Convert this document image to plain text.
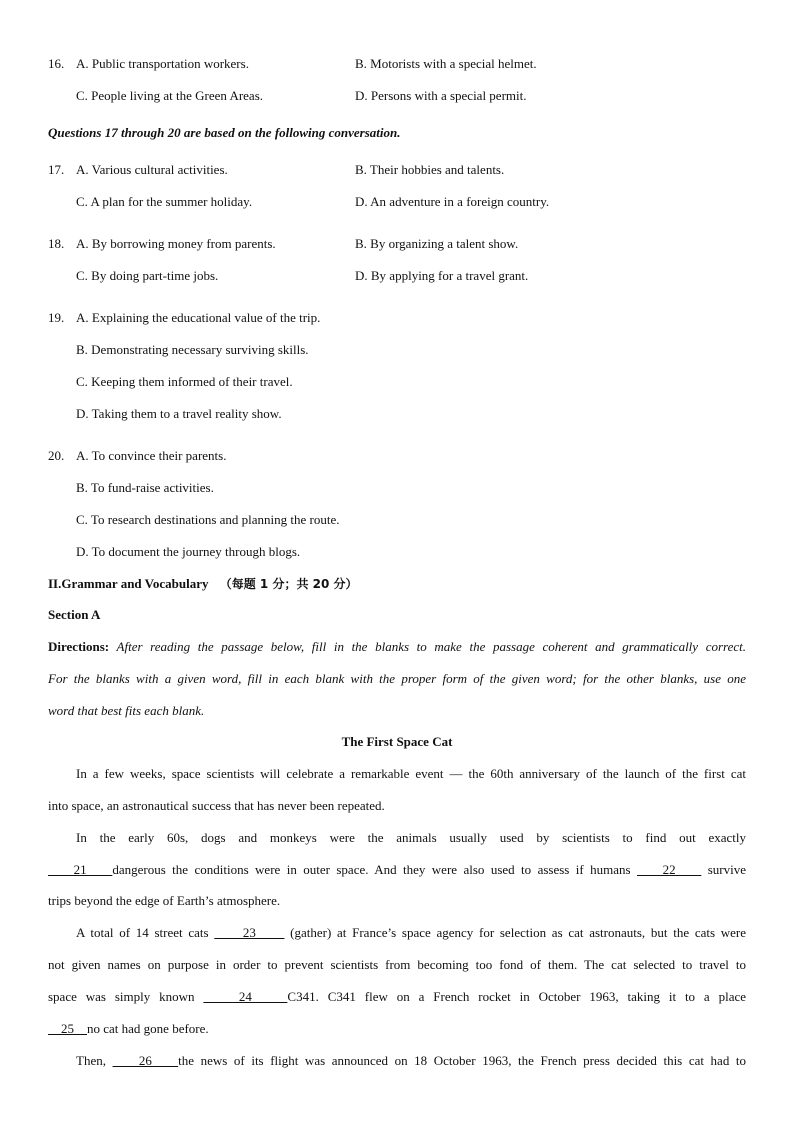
16. A. Public transportation workers.	B. Motorists with a special helmet.
C. People living at the Green Areas.	D. Persons with a special permit.
Questions 17 through 20 are based on the following conversation.
17. A. Various cultural activities.	B. Their hobbies and talents.
C. A plan for the summer holiday.	D. An adventure in a foreign country.
18. A. By borrowing money from parents.	B. By organizing a talent show.
C. By doing part-time jobs.	D. By applying for a travel grant.
19. A. Explaining the educational value of the trip.
B. Demonstrating necessary surviving skills.
C. Keeping them informed of their travel.
D. Taking them to a travel reality show.
20. A. To convince their parents.
B. To fund-raise activities.
C. To research destinations and planning the route.
D. To document the journey through blogs.
II.Grammar and Vocabulary （每题 1 分；共 20 分）
Section A
Directions: After reading the passage below, fill in the blanks to make the passage coherent and grammatically correct.
For the blanks with a given word, fill in each blank with the proper form of the given word; for the other blanks, use one
word that best fits each blank.
The First Space Cat
In a few weeks, space scientists will celebrate a remarkable event — the 60th anniversary of the launch of the first cat
into space, an astronautical success that has never been repeated.
In the early 60s, dogs and monkeys were the animals usually used by scientists to find out exactly
21    dangerous the conditions were in outer space. And they were also used to assess if humans     22     survive
trips beyond the edge of Earth’s atmosphere.
A total of 14 street cats      23      (gather) at France’s space agency for selection as cat astronauts, but the cats were
not given names on purpose in order to prevent scientists from becoming too fond of them. The cat selected to travel to
space was simply known     24    C341. C341 flew on a French rocket in October 1963, taking it to a place
25    no cat had gone before.
Then,     26    the news of its flight was announced on 18 October 1963, the French press decided this cat had to
